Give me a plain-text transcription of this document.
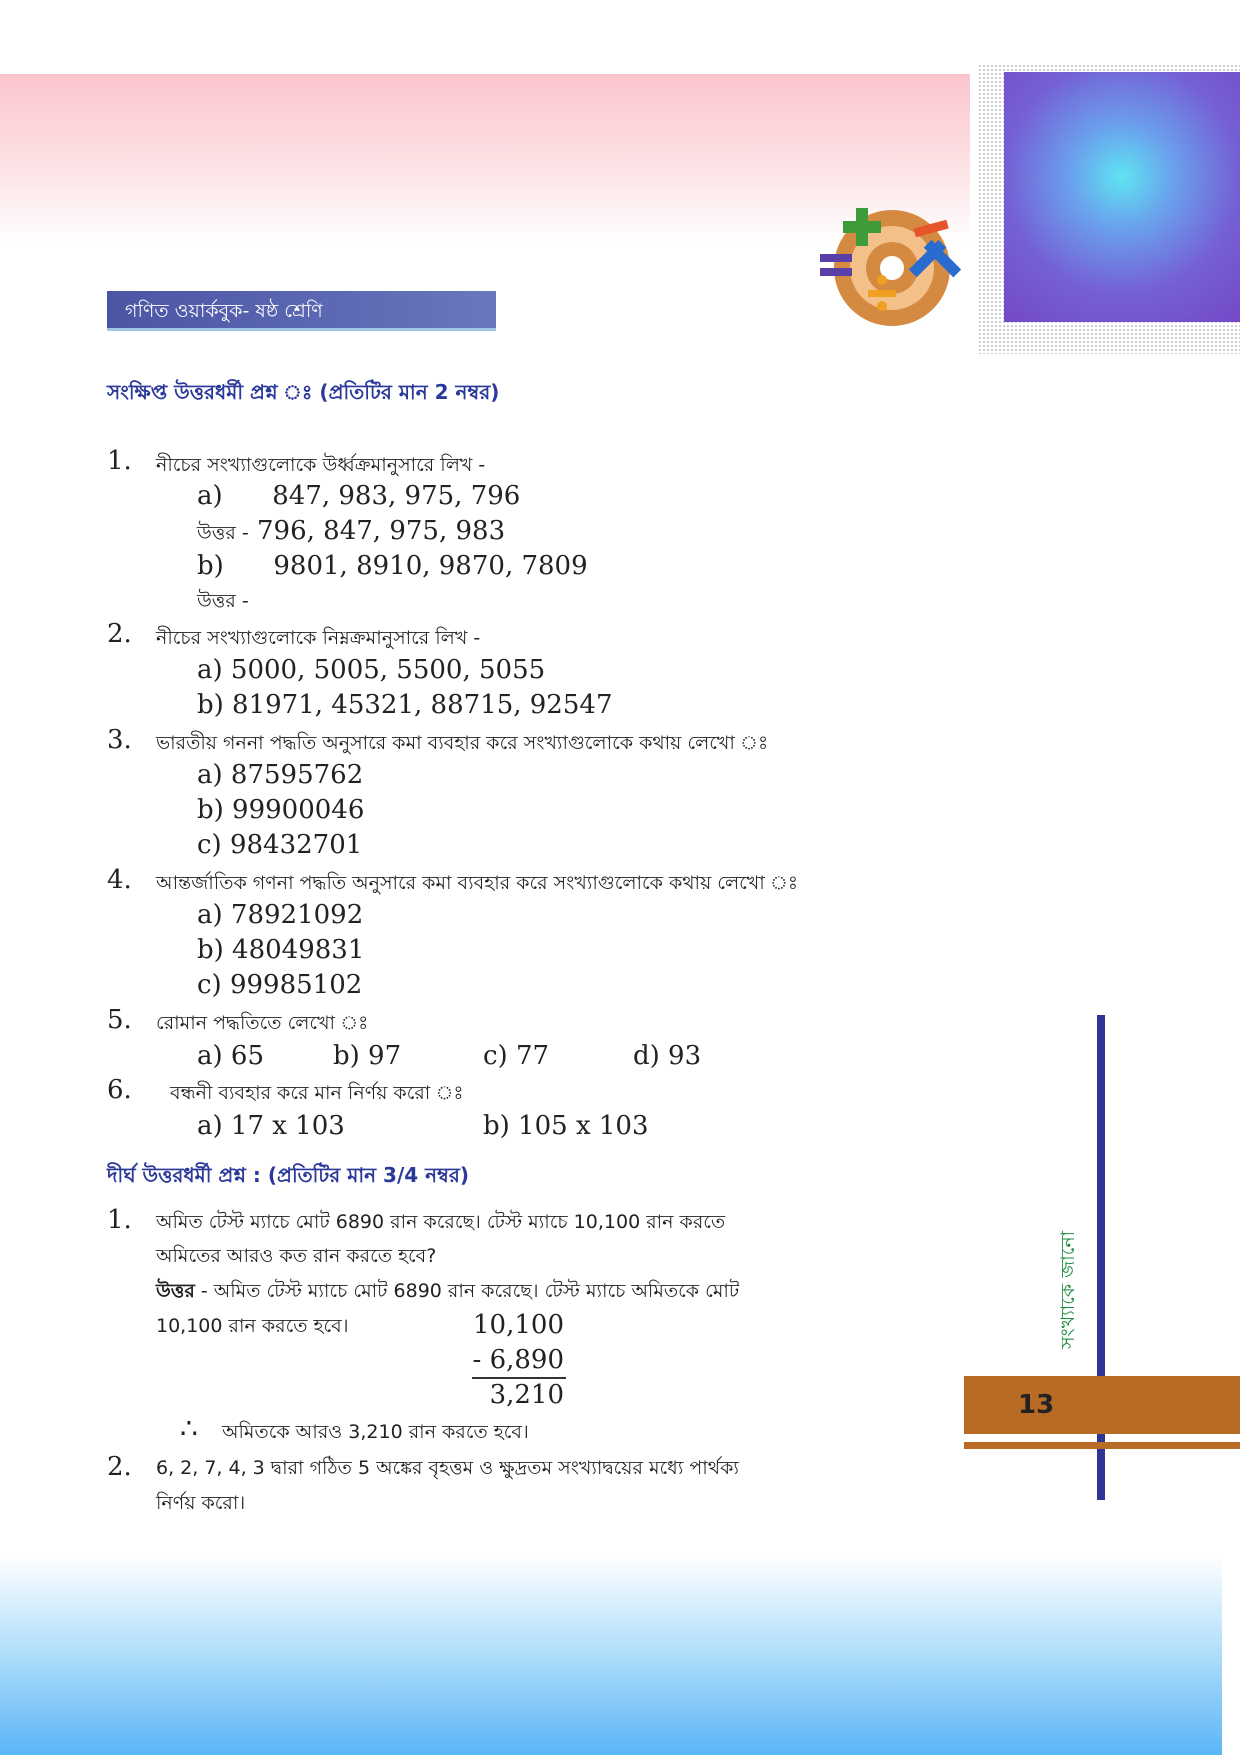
গণিত ওয়ার্কবুক- ষষ্ঠ শ্রেণি
সংক্ষিপ্ত উত্তরধর্মী প্রশ্ন ঃ (প্রতিটির মান 2 নম্বর)
1. নীচের সংখ্যাগুলোকে উর্ধ্বক্রমানুসারে লিখ -
a)      847, 983, 975, 796
উত্তর - 796, 847, 975, 983
b)      9801, 8910, 9870, 7809
উত্তর -
2. নীচের সংখ্যাগুলোকে নিম্নক্রমানুসারে লিখ -
a) 5000, 5005, 5500, 5055
b) 81971, 45321, 88715, 92547
3. ভারতীয় গননা পদ্ধতি অনুসারে কমা ব্যবহার করে সংখ্যাগুলোকে কথায় লেখো ঃ
a) 87595762
b) 99900046
c) 98432701
4. আন্তর্জাতিক গণনা পদ্ধতি অনুসারে কমা ব্যবহার করে সংখ্যাগুলোকে কথায় লেখো ঃ
a) 78921092
b) 48049831
c) 99985102
5. রোমান পদ্ধতিতে লেখো ঃ
a) 65	b) 97	c) 77	d) 93
6. বন্ধনী ব্যবহার করে মান নির্ণয় করো ঃ
a) 17 x 103	b) 105 x 103
দীর্ঘ উত্তরধর্মী প্রশ্ন : (প্রতিটির মান 3/4 নম্বর)
1. অমিত টেস্ট ম্যাচে মোট 6890 রান করেছে। টেস্ট ম্যাচে 10,100 রান করতে
অমিতের আরও কত রান করতে হবে?
উত্তর - অমিত টেস্ট ম্যাচে মোট 6890 রান করেছে। টেস্ট ম্যাচে অমিতকে মোট
10,100 রান করতে হবে।	10,100
- 6,890
3,210
∴ অমিতকে আরও 3,210 রান করতে হবে।
2. 6, 2, 7, 4, 3 দ্বারা গঠিত 5 অঙ্কের বৃহত্তম ও ক্ষুদ্রতম সংখ্যাদ্বয়ের মধ্যে পার্থক্য
নির্ণয় করো।
সংখ্যাকে জানো
13
